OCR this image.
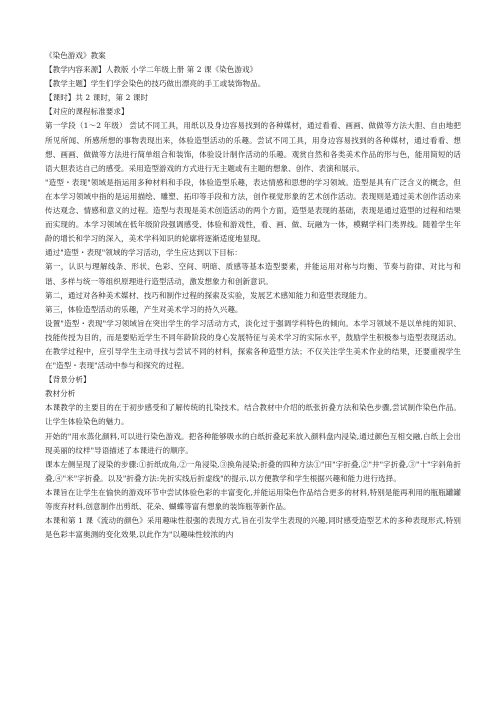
《染色游戏》教案

【教学内容来源】人教版 小学二年级上册 第 2 课《染色游戏》

【教学主题】学生们学会染色的技巧做出漂亮的手工或装饰物品。

【课时】共 2 课时，第 2 课时

【对应的课程标准要求】

第一学段（1～2 年级） 尝试不同工具，用纸以及身边容易找到的各种媒材，通过看看、画画、做做等方法大胆、自由地把所见所闻、所感所想的事物表现出来，体验造型活动的乐趣。尝试不同工具，用身边容易找到的各种媒材，通过看看、想想、画画、做做等方法进行简单组合和装饰，体验设计制作活动的乐趣。观赏自然和各类美术作品的形与色，能用简短的话语大胆表达自己的感受。采用造型游戏的方式进行无主题或有主题的想象、创作、表演和展示。

"造型・表现"领域是指运用多种材料和手段，体验造型乐趣，表达情感和思想的学习领域。造型是具有广泛含义的概念，但在本学习领域中指的是运用描绘、雕塑、拓印等手段和方法，创作视觉形象的艺术创作活动。表现则是通过美术创作活动来传达观念、情感和意义的过程。造型与表现是美术创造活动的两个方面，造型是表现的基础，表现是通过造型的过程和结果而实现的。本学习领域在低年级阶段强调感受、体验和游戏性，看、画、做、玩融为一体，模糊学科门类界线。随着学生年龄的增长和学习的深入，美术学科知识的轮廓将逐渐适度地显现。

通过"造型・表现"领域的学习活动，学生应达到以下目标：

第一，认识与理解线条、形状、色彩、空间、明暗、质感等基本造型要素，并能运用对称与均衡、节奏与韵律、对比与和谐、多样与统一等组织原理进行造型活动，激发想象力和创新意识。

第二，通过对各种美术媒材、技巧和制作过程的探索及实验，发展艺术感知能力和造型表现能力。

第三，体验造型活动的乐趣，产生对美术学习的持久兴趣。

设置"造型・表现"学习领域旨在突出学生的学习活动方式，淡化过于强调学科特色的倾向。本学习领域不是以单纯的知识、技能传授为目的，而是要贴近学生不同年龄阶段的身心发展特征与美术学习的实际水平，鼓励学生积极参与造型表现活动。在教学过程中，应引导学生主动寻找与尝试不同的材料，探索各种造型方法；不仅关注学生美术作业的结果，还要重视学生在"造型・表现"活动中参与和探究的过程。

【背景分析】

教材分析

本课教学的主要目的在于初步感受和了解传统的扎染技术。结合教材中介绍的纸张折叠方法和染色步骤,尝试制作染色作品。让学生体验染色的魅力。

开始的"用水蒸化颜料,可以进行染色游戏。把各种能够吸水的白纸折叠起来放入颜料盘内浸染,通过颜色互相交融,白纸上会出现美丽的纹样"导语描述了本课进行的顺序。

课本左侧呈现了浸染的步骤:①折纸成角,②一角浸染,③换角浸染;折叠的四种方法①"田"字折叠,②"井"字折叠,③"十"字斜角折叠,④"米"字折叠。以及"折叠方法:先折实线后折虚线"的提示,以方便教学和学生根据兴趣和能力进行选择。

本课旨在让学生在愉快的游戏环节中尝试体验色彩的丰富变化,并能运用染色作品结合更多的材料,特别是能再利用的瓶瓶罐罐等废弃材料,创意制作出剪纸、花朵、蝴蝶等富有想象的装饰瓶等新作品。

本课和第 1 课《流动的颜色》采用趣味性很强的表现方式,旨在引发学生表现的兴趣,同时感受造型艺术的多种表现形式,特别是色彩丰富奥测的变化效果,以此作为"以趣味性较浓的内
